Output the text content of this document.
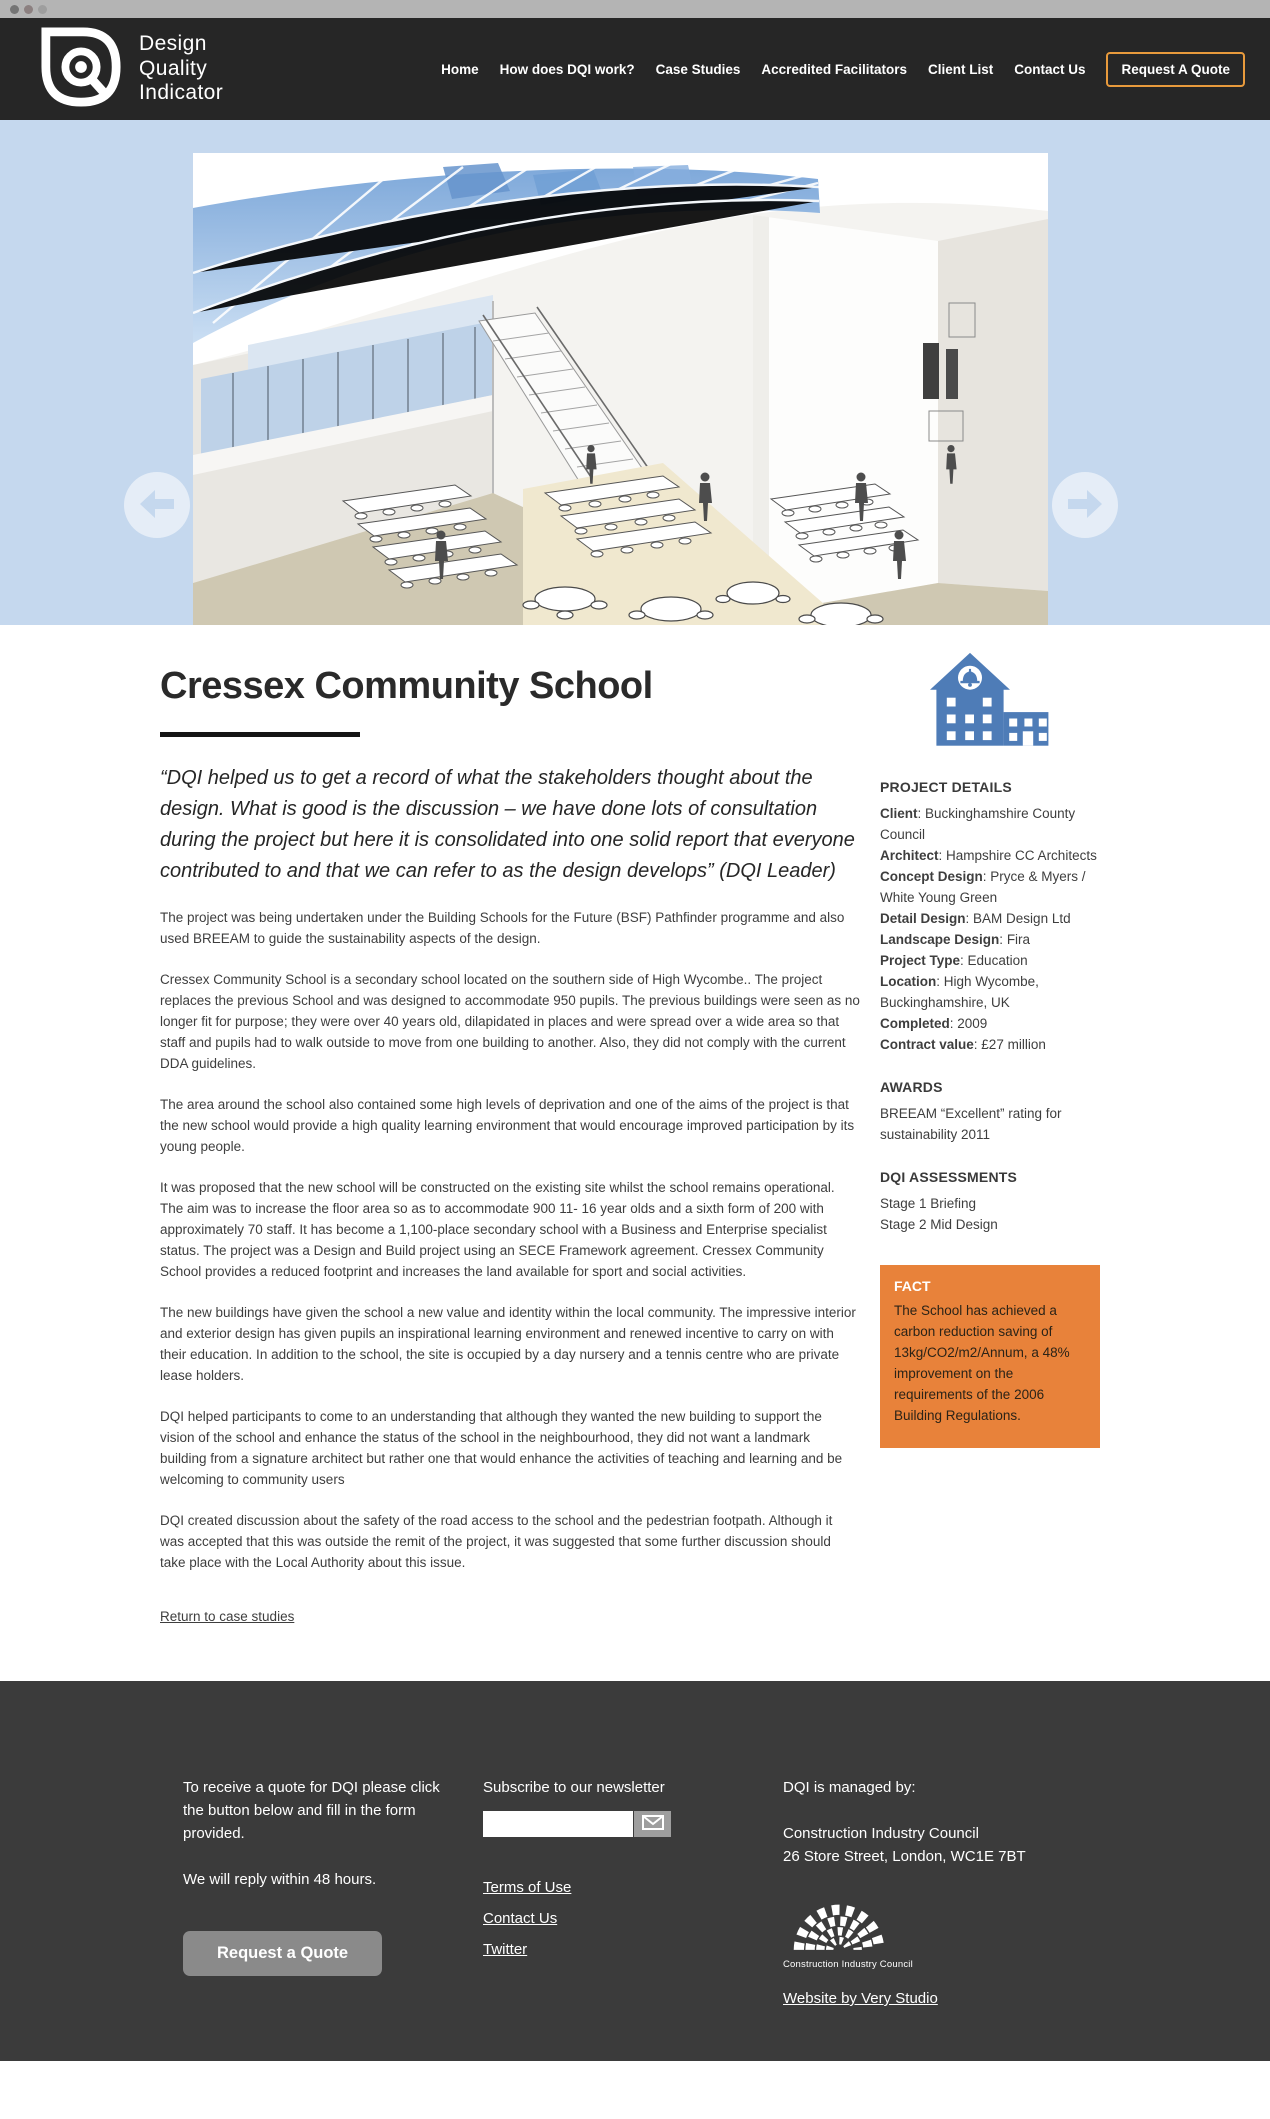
Design
Quality
Indicator
Home How does DQI work? Case Studies Accredited Facilitators Client List Contact Us	Request A Quote
Cressex Community School
“DQI helped us to get a record of what the stakeholders thought about the design. What is good is the discussion – we have done lots of consultation during the project but here it is consolidated into one solid report that everyone contributed to and that we can refer to as the design develops” (DQI Leader)

The project was being undertaken under the Building Schools for the Future (BSF) Pathfinder programme and also used BREEAM to guide the sustainability aspects of the design.

Cressex Community School is a secondary school located on the southern side of High Wycombe.. The project replaces the previous School and was designed to accommodate 950 pupils. The previous buildings were seen as no longer fit for purpose; they were over 40 years old, dilapidated in places and were spread over a wide area so that staff and pupils had to walk outside to move from one building to another. Also, they did not comply with the current DDA guidelines.

The area around the school also contained some high levels of deprivation and one of the aims of the project is that the new school would provide a high quality learning environment that would encourage improved participation by its young people.

It was proposed that the new school will be constructed on the existing site whilst the school remains operational. The aim was to increase the floor area so as to accommodate 900 11- 16 year olds and a sixth form of 200 with approximately 70 staff. It has become a 1,100-place secondary school with a Business and Enterprise specialist status. The project was a Design and Build project using an SECE Framework agreement. Cressex Community School provides a reduced footprint and increases the land available for sport and social activities.

The new buildings have given the school a new value and identity within the local community. The impressive interior and exterior design has given pupils an inspirational learning environment and renewed incentive to carry on with their education. In addition to the school, the site is occupied by a day nursery and a tennis centre who are private lease holders.

DQI helped participants to come to an understanding that although they wanted the new building to support the vision of the school and enhance the status of the school in the neighbourhood, they did not want a landmark building from a signature architect but rather one that would enhance the activities of teaching and learning and be welcoming to community users

DQI created discussion about the safety of the road access to the school and the pedestrian footpath. Although it was accepted that this was outside the remit of the project, it was suggested that some further discussion should take place with the Local Authority about this issue.

Return to case studies
PROJECT DETAILS
Client : Buckinghamshire County Council
Architect : Hampshire CC Architects
Concept Design : Pryce & Myers / White Young Green
Detail Design : BAM Design Ltd
Landscape Design : Fira
Project Type : Education
Location : High Wycombe, Buckinghamshire, UK
Completed : 2009
Contract value : £27 million
AWARDS
BREEAM “Excellent” rating for sustainability 2011
DQI ASSESSMENTS
Stage 1 Briefing
Stage 2 Mid Design
FACT
The School has achieved a carbon reduction saving of 13kg/CO2/m2/Annum, a 48% improvement on the requirements of the 2006 Building Regulations.
To receive a quote for DQI please click the button below and fill in the form provided.
We will reply within 48 hours.
Request a Quote
Subscribe to our newsletter
Terms of Use
Contact Us
Twitter
DQI is managed by:
Construction Industry Council
26 Store Street, London, WC1E 7BT
Construction Industry Council
Website by Very Studio
